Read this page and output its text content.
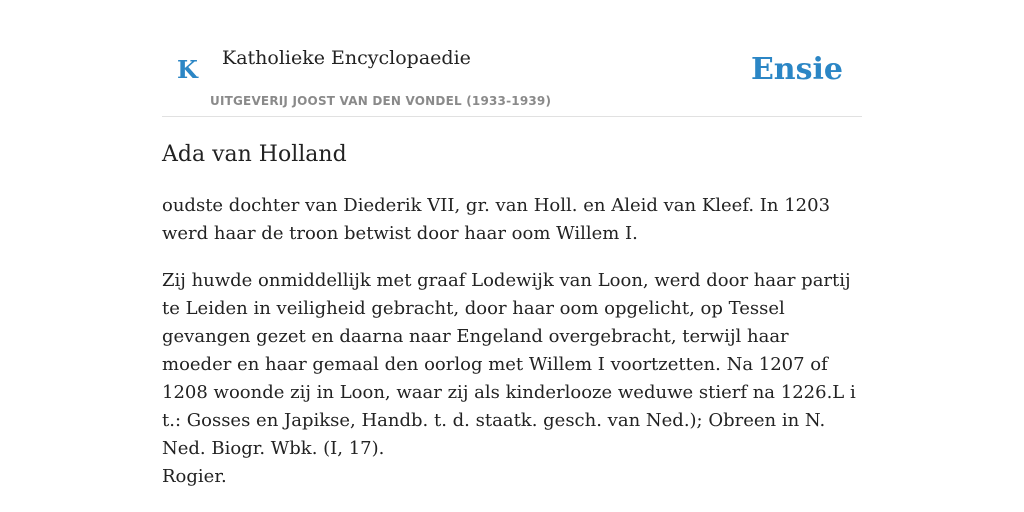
K Katholieke Encyclopaedie
UITGEVERIJ JOOST VAN DEN VONDEL (1933-1939)
Ensie
Ada van Holland

oudste dochter van Diederik VII, gr. van Holl. en Aleid van Kleef. In 1203 werd haar de troon betwist door haar oom Willem I.

Zij huwde onmiddellijk met graaf Lodewijk van Loon, werd door haar partij te Leiden in veiligheid gebracht, door haar oom opgelicht, op Tessel gevangen gezet en daarna naar Engeland overgebracht, terwijl haar moeder en haar gemaal den oorlog met Willem I voortzetten. Na 1207 of 1208 woonde zij in Loon, waar zij als kinderlooze weduwe stierf na 1226.L i t.: Gosses en Japikse, Handb. t. d. staatk. gesch. van Ned.); Obreen in N. Ned. Biogr. Wbk. (I, 17).

Rogier.
